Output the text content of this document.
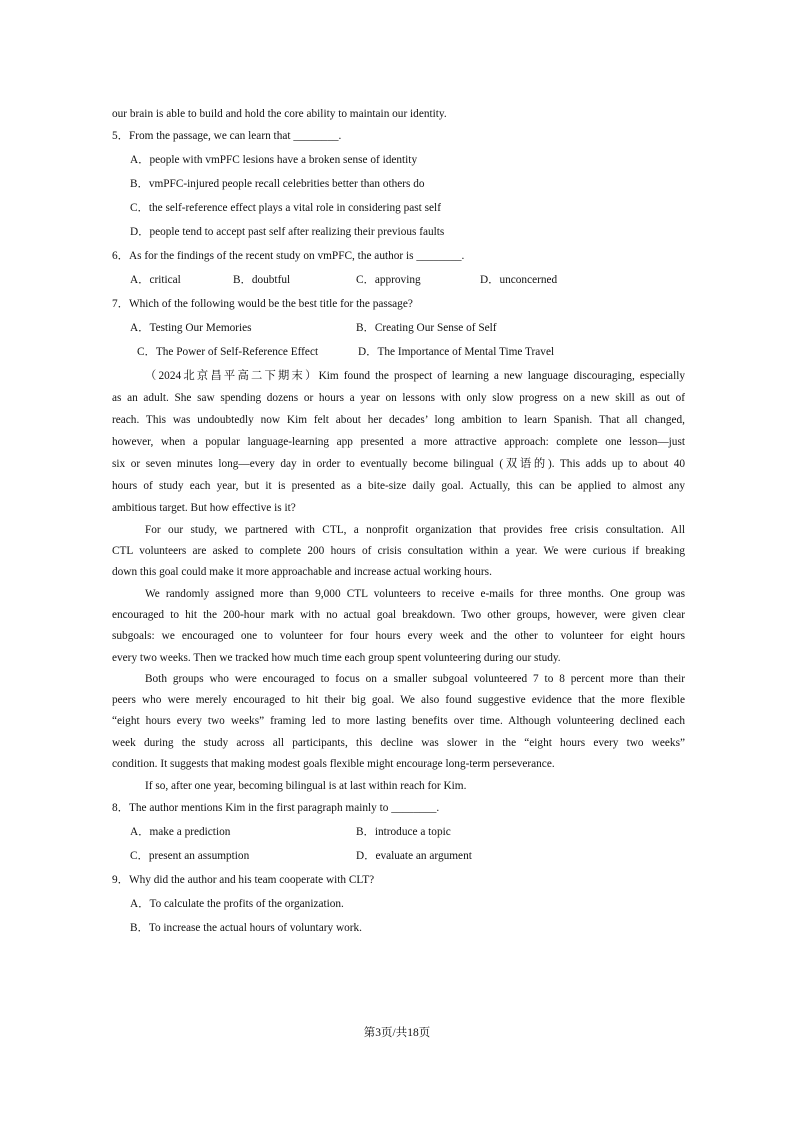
our brain is able to build and hold the core ability to maintain our identity.
5．From the passage, we can learn that ________.
A．people with vmPFC lesions have a broken sense of identity
B．vmPFC-injured people recall celebrities better than others do
C．the self-reference effect plays a vital role in considering past self
D．people tend to accept past self after realizing their previous faults
6．As for the findings of the recent study on vmPFC, the author is ________.
A．critical	B．doubtful	C．approving	D．unconcerned
7．Which of the following would be the best title for the passage?
A．Testing Our Memories	B．Creating Our Sense of Self
C．The Power of Self-Reference Effect	D．The Importance of Mental Time Travel
（2024北京昌平高二下期末）Kim found the prospect of learning a new language discouraging, especially
as an adult. She saw spending dozens or hours a year on lessons with only slow progress on a new skill as out of
reach. This was undoubtedly now Kim felt about her decades’ long ambition to learn Spanish. That all changed,
however, when a popular language-learning app presented a more attractive approach: complete one lesson—just
six or seven minutes long—every day in order to eventually become bilingual (双语的). This adds up to about 40
hours of study each year, but it is presented as a bite-size daily goal. Actually, this can be applied to almost any
ambitious target. But how effective is it?
For our study, we partnered with CTL, a nonprofit organization that provides free crisis consultation. All
CTL volunteers are asked to complete 200 hours of crisis consultation within a year. We were curious if breaking
down this goal could make it more approachable and increase actual working hours.
We randomly assigned more than 9,000 CTL volunteers to receive e-mails for three months. One group was
encouraged to hit the 200-hour mark with no actual goal breakdown. Two other groups, however, were given clear
subgoals: we encouraged one to volunteer for four hours every week and the other to volunteer for eight hours
every two weeks. Then we tracked how much time each group spent volunteering during our study.
Both groups who were encouraged to focus on a smaller subgoal volunteered 7 to 8 percent more than their
peers who were merely encouraged to hit their big goal. We also found suggestive evidence that the more flexible
“eight hours every two weeks” framing led to more lasting benefits over time. Although volunteering declined each
week during the study across all participants, this decline was slower in the “eight hours every two weeks”
condition. It suggests that making modest goals flexible might encourage long-term perseverance.
If so, after one year, becoming bilingual is at last within reach for Kim.
8．The author mentions Kim in the first paragraph mainly to ________.
A．make a prediction	B．introduce a topic
C．present an assumption	D．evaluate an argument
9．Why did the author and his team cooperate with CLT?
A．To calculate the profits of the organization.
B．To increase the actual hours of voluntary work.
第3页/共18页
